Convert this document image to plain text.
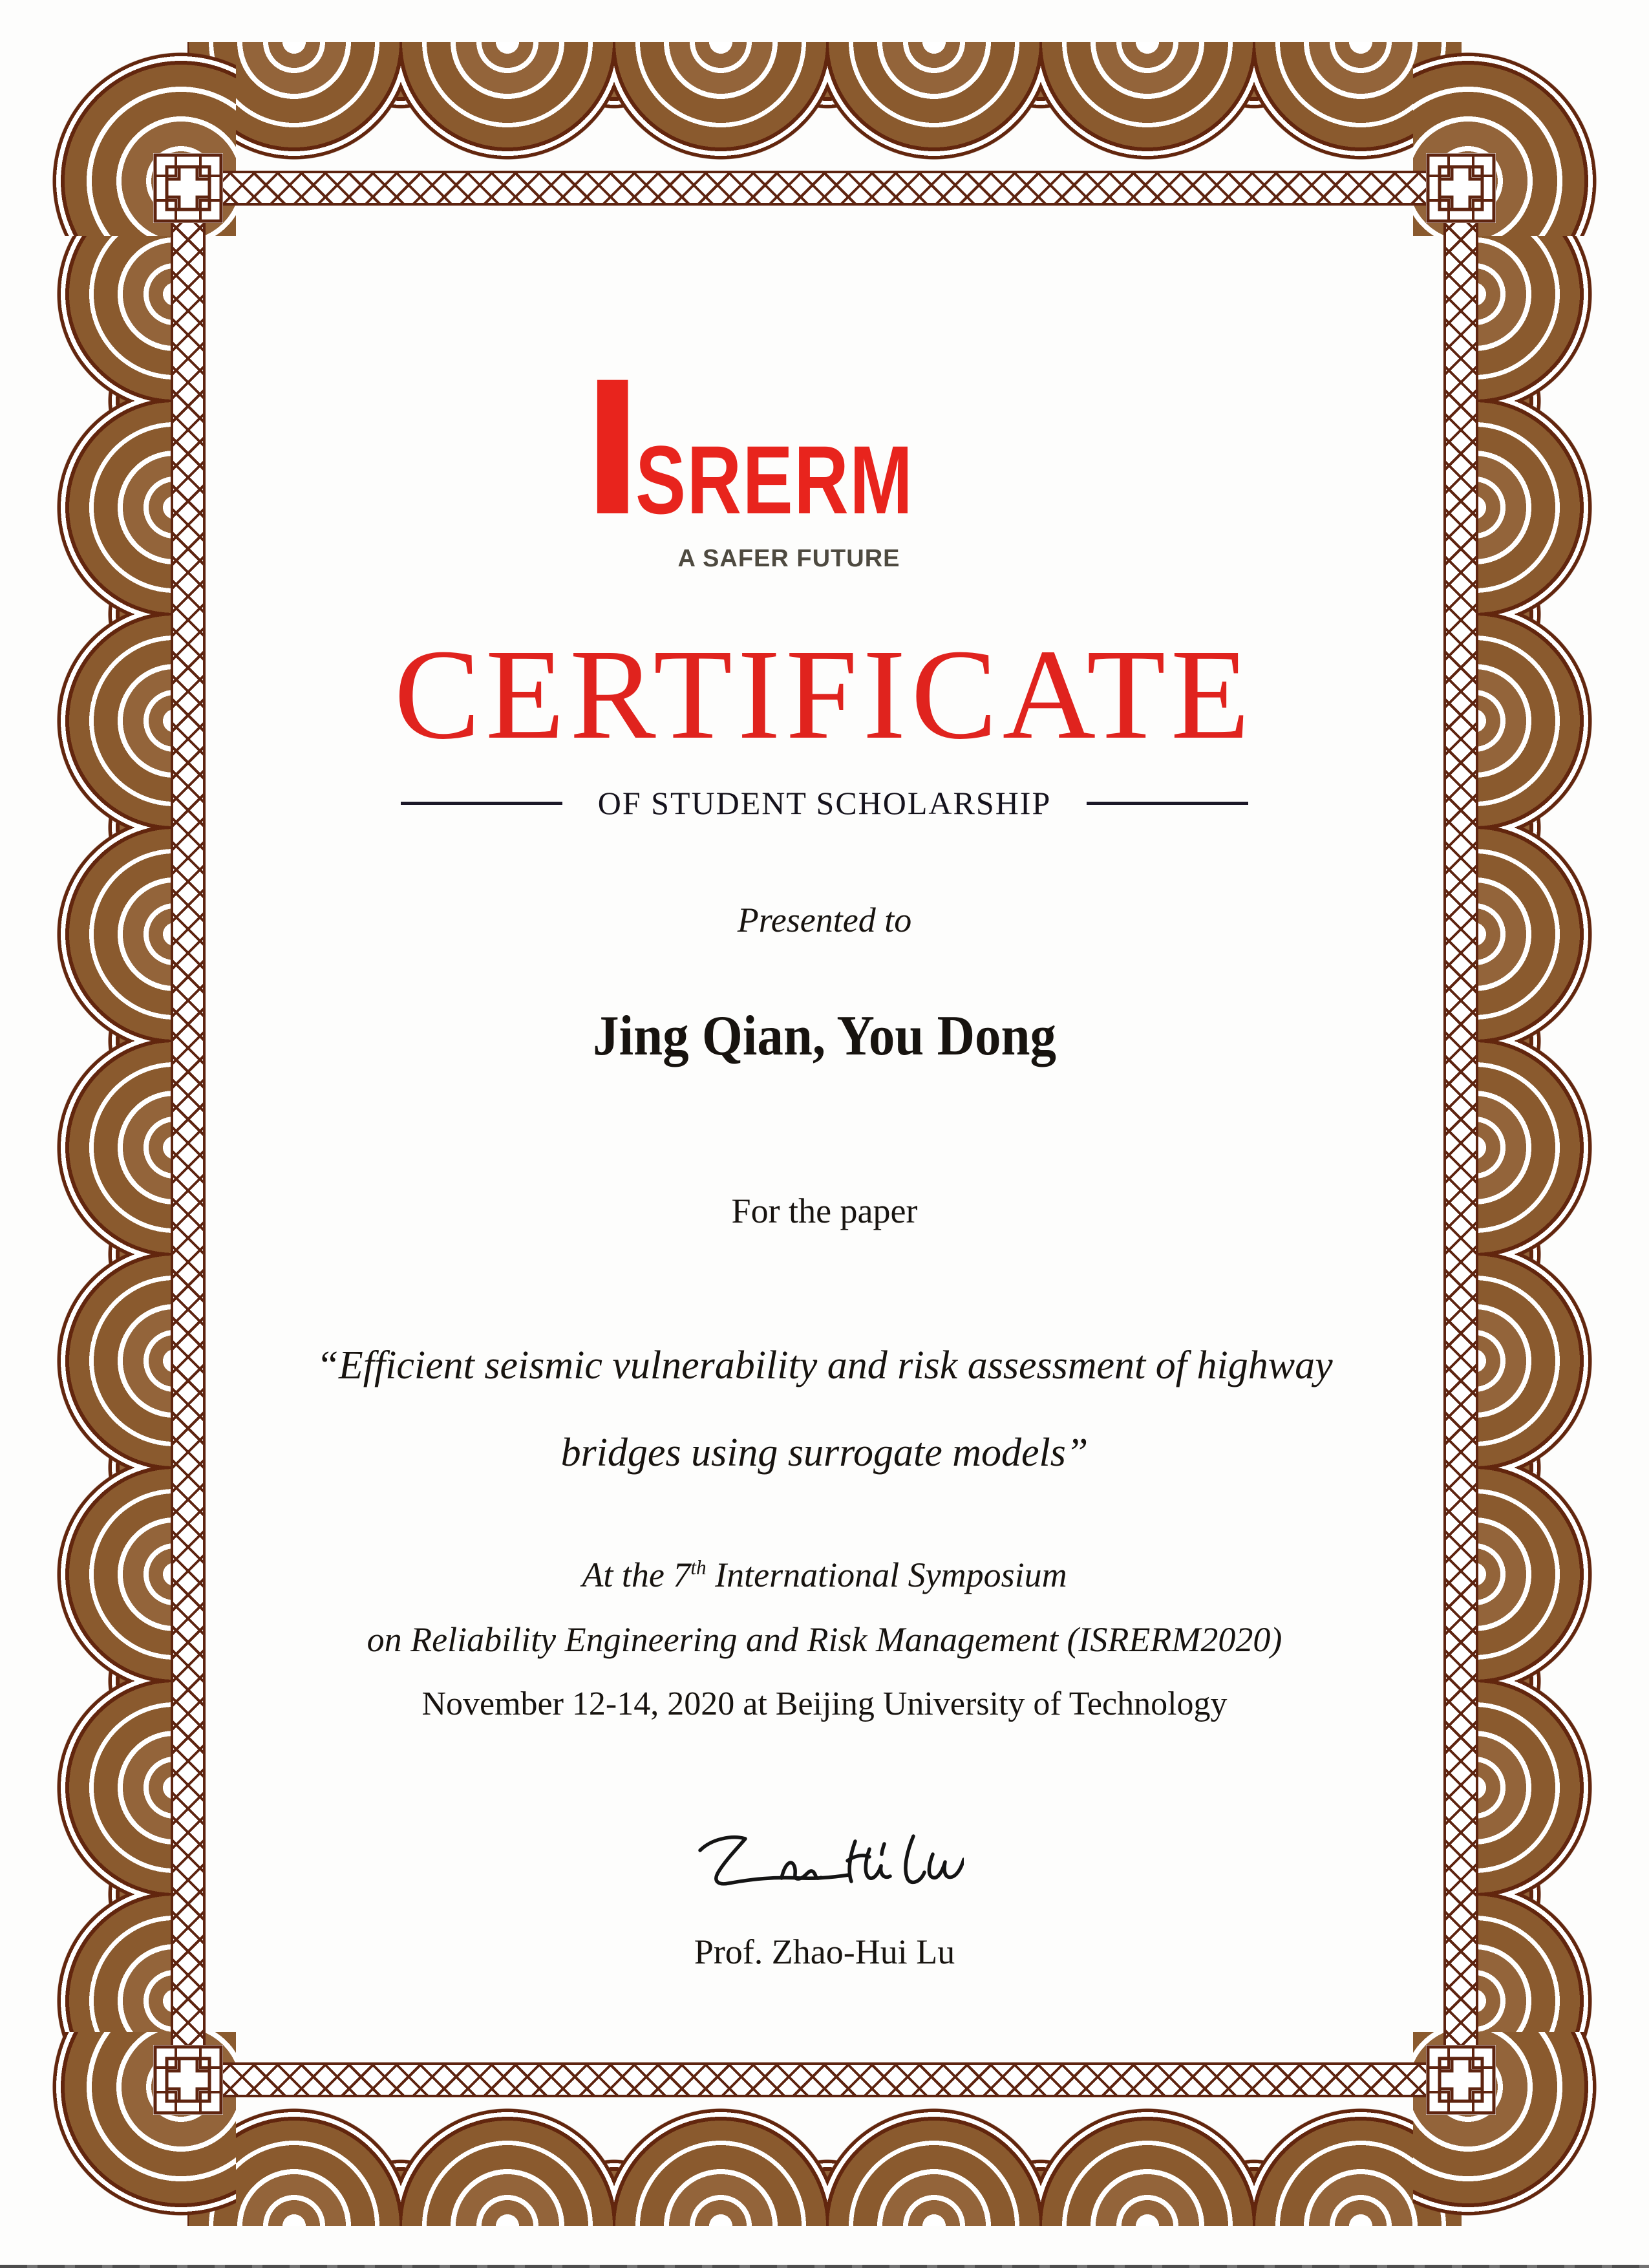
ISRERM
A SAFER FUTURE
CERTIFICATE
OF STUDENT SCHOLARSHIP
Presented to
Jing Qian, You Dong
For the paper
“Efficient seismic vulnerability and risk assessment of highway
bridges using surrogate models”
At the 7th International Symposium
on Reliability Engineering and Risk Management (ISRERM2020)
November 12-14, 2020 at Beijing University of Technology
Prof. Zhao-Hui Lu
